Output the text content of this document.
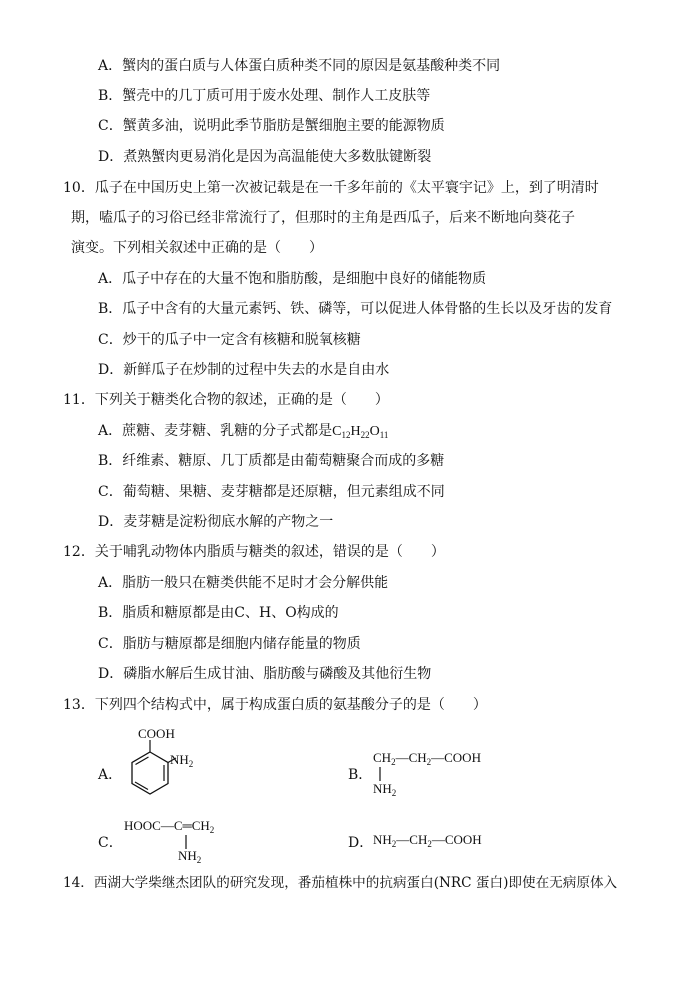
A．蟹肉的蛋白质与人体蛋白质种类不同的原因是氨基酸种类不同
B．蟹壳中的几丁质可用于废水处理、制作人工皮肤等
C．蟹黄多油，说明此季节脂肪是蟹细胞主要的能源物质
D．煮熟蟹肉更易消化是因为高温能使大多数肽键断裂
10．瓜子在中国历史上第一次被记载是在一千多年前的《太平寰宇记》上，到了明清时
期，嗑瓜子的习俗已经非常流行了，但那时的主角是西瓜子，后来不断地向葵花子
演变。下列相关叙述中正确的是（　　）
A．瓜子中存在的大量不饱和脂肪酸，是细胞中良好的储能物质
B．瓜子中含有的大量元素钙、铁、磷等，可以促进人体骨骼的生长以及牙齿的发育
C．炒干的瓜子中一定含有核糖和脱氧核糖
D．新鲜瓜子在炒制的过程中失去的水是自由水
11．下列关于糖类化合物的叙述，正确的是（　　）
A．蔗糖、麦芽糖、乳糖的分子式都是$C_{12}H_{22}O_{11}$
B．纤维素、糖原、几丁质都是由葡萄糖聚合而成的多糖
C．葡萄糖、果糖、麦芽糖都是还原糖，但元素组成不同
D．麦芽糖是淀粉彻底水解的产物之一
12．关于哺乳动物体内脂质与糖类的叙述，错误的是（　　）
A．脂肪一般只在糖类供能不足时才会分解供能
B．脂质和糖原都是由C、H、O构成的
C．脂肪与糖原都是细胞内储存能量的物质
D．磷脂水解后生成甘油、脂肪酸与磷酸及其他衍生物
13．下列四个结构式中，属于构成蛋白质的氨基酸分子的是（　　）
A．
COOH
$NH_2$
B．
$CH_2—CH_2—COOH$
$NH_2$
C．
$HOOC—C═CH_2$
$NH_2$
D． $NH_2—CH_2—COOH$
14．西湖大学柴继杰团队的研究发现，番茄植株中的抗病蛋白(NRC 蛋白)即使在无病原体入
